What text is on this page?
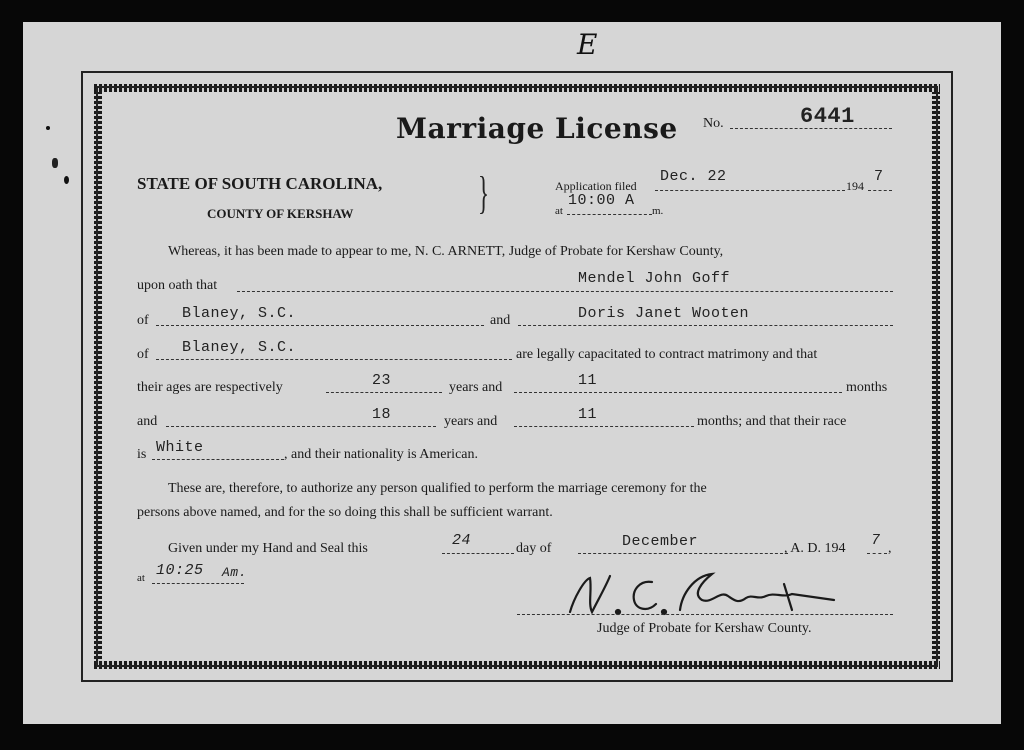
E
Marriage License No.	6441
STATE OF SOUTH CAROLINA,
COUNTY OF KERSHAW	}	Application filed
Dec. 22
194
7
at
10:00 A
m.
Whereas, it has been made to appear to me, N. C. ARNETT, Judge of Probate for Kershaw County,
upon oath that	Mendel John Goff
of Blaney, S.C.	and	Doris Janet Wooten
of Blaney, S.C.	are legally capacitated to contract matrimony and that
their ages are respectively	23	years and	11	months
and	18	years and	11	months; and that their race
is White	, and their nationality is American.
These are, therefore, to authorize any person qualified to perform the marriage ceremony for the
persons above named, and for the so doing this shall be sufficient warrant.
Given under my Hand and Seal this	24	day of	December	, A. D. 194 7 ,
at 10:25 Am.
Judge of Probate for Kershaw County.
